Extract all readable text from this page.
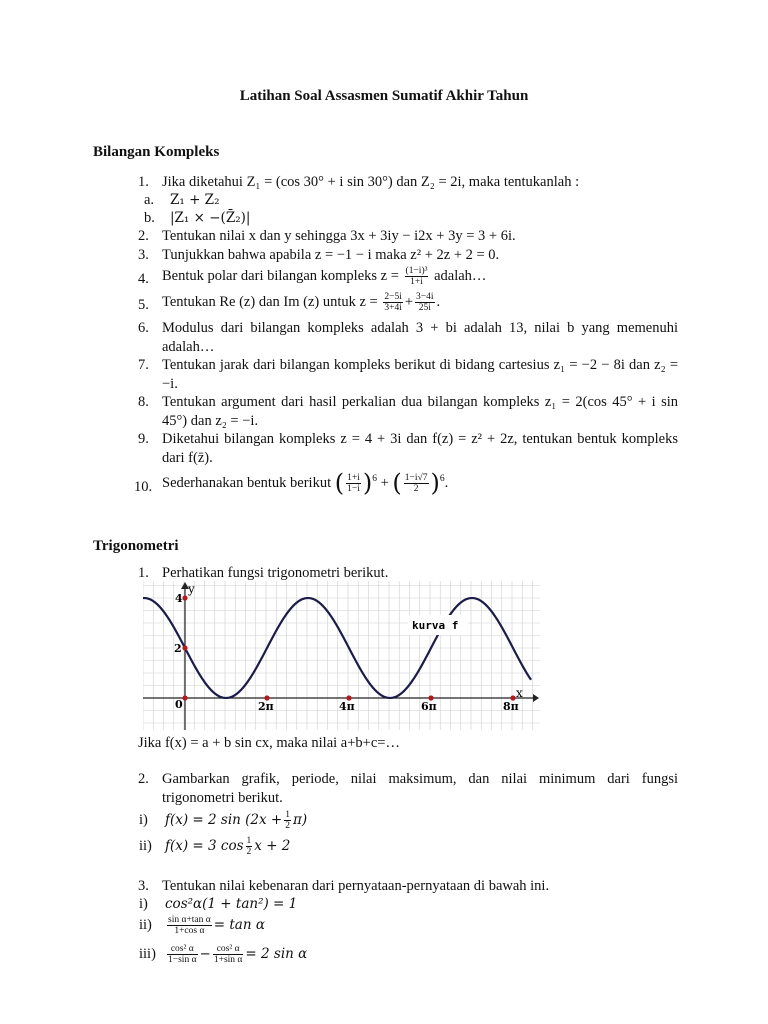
Latihan Soal Assasmen Sumatif Akhir Tahun
Bilangan Kompleks
1. Jika diketahui Z₁ = (cos 30° + i sin 30°) dan Z₂ = 2i, maka tentukanlah :
a. Z₁ + Z₂
b. |Z₁ × −(Z̄₂)|
2. Tentukan nilai x dan y sehingga 3x + 3iy − i2x + 3y = 3 + 6i.
3. Tunjukkan bahwa apabila z = −1 − i maka z² + 2z + 2 = 0.
4. Bentuk polar dari bilangan kompleks $z = \frac{\text{(1−i)³}}{1+i}$ adalah…
5. Tentukan Re (z) dan Im (z) untuk $z = \frac{2-5i}{3+4i} + \frac{3-4i}{25i}$ .
6. Modulus dari bilangan kompleks adalah 3 + bi adalah 13, nilai b yang memenuhi adalah…
7. Tentukan jarak dari bilangan kompleks berikut di bidang cartesius z₁ = −2 − 8i dan z₂ = −i.
8. Tentukan argument dari hasil perkalian dua bilangan kompleks z₁ = 2(cos 45° + i sin 45°) dan z₂ = −i.
9. Diketahui bilangan kompleks z = 4 + 3i dan f(z) = z² + 2z, tentukan bentuk kompleks dari f(z̄).
10. Sederhanakan bentuk berikut ( $\frac{1+i}{1-i} )^6$ + ( $\frac{1-i√7}{2} )^6$.
Trigonometri
1. Perhatikan fungsi trigonometri berikut.
y
x
4
2
0	2π	4π	6π	8π
kurva f
Jika f(x) = a + b sin cx, maka nilai a+b+c=…
2. Gambarkan grafik, periode, nilai maksimum, dan nilai minimum dari fungsi trigonometri berikut.
i) f(x) = 2 $\sin (2x + \frac{1}{2} \pi)$
ii) f(x) = 3 $\cos \frac{1}{2}$ x + 2
3. Tentukan nilai kebenaran dari pernyataan-pernyataan di bawah ini.
i) cos²α(1 + tan²) = 1
$ii) \frac{\text{sin α+tan α}}{\text{1+cos α}} = \tan \alpha$
$iii) \frac{\text{cos² α}}{\text{1−sin α}} - \frac{\text{cos² α}}{\text{1+sin α}} = 2$ sin α
